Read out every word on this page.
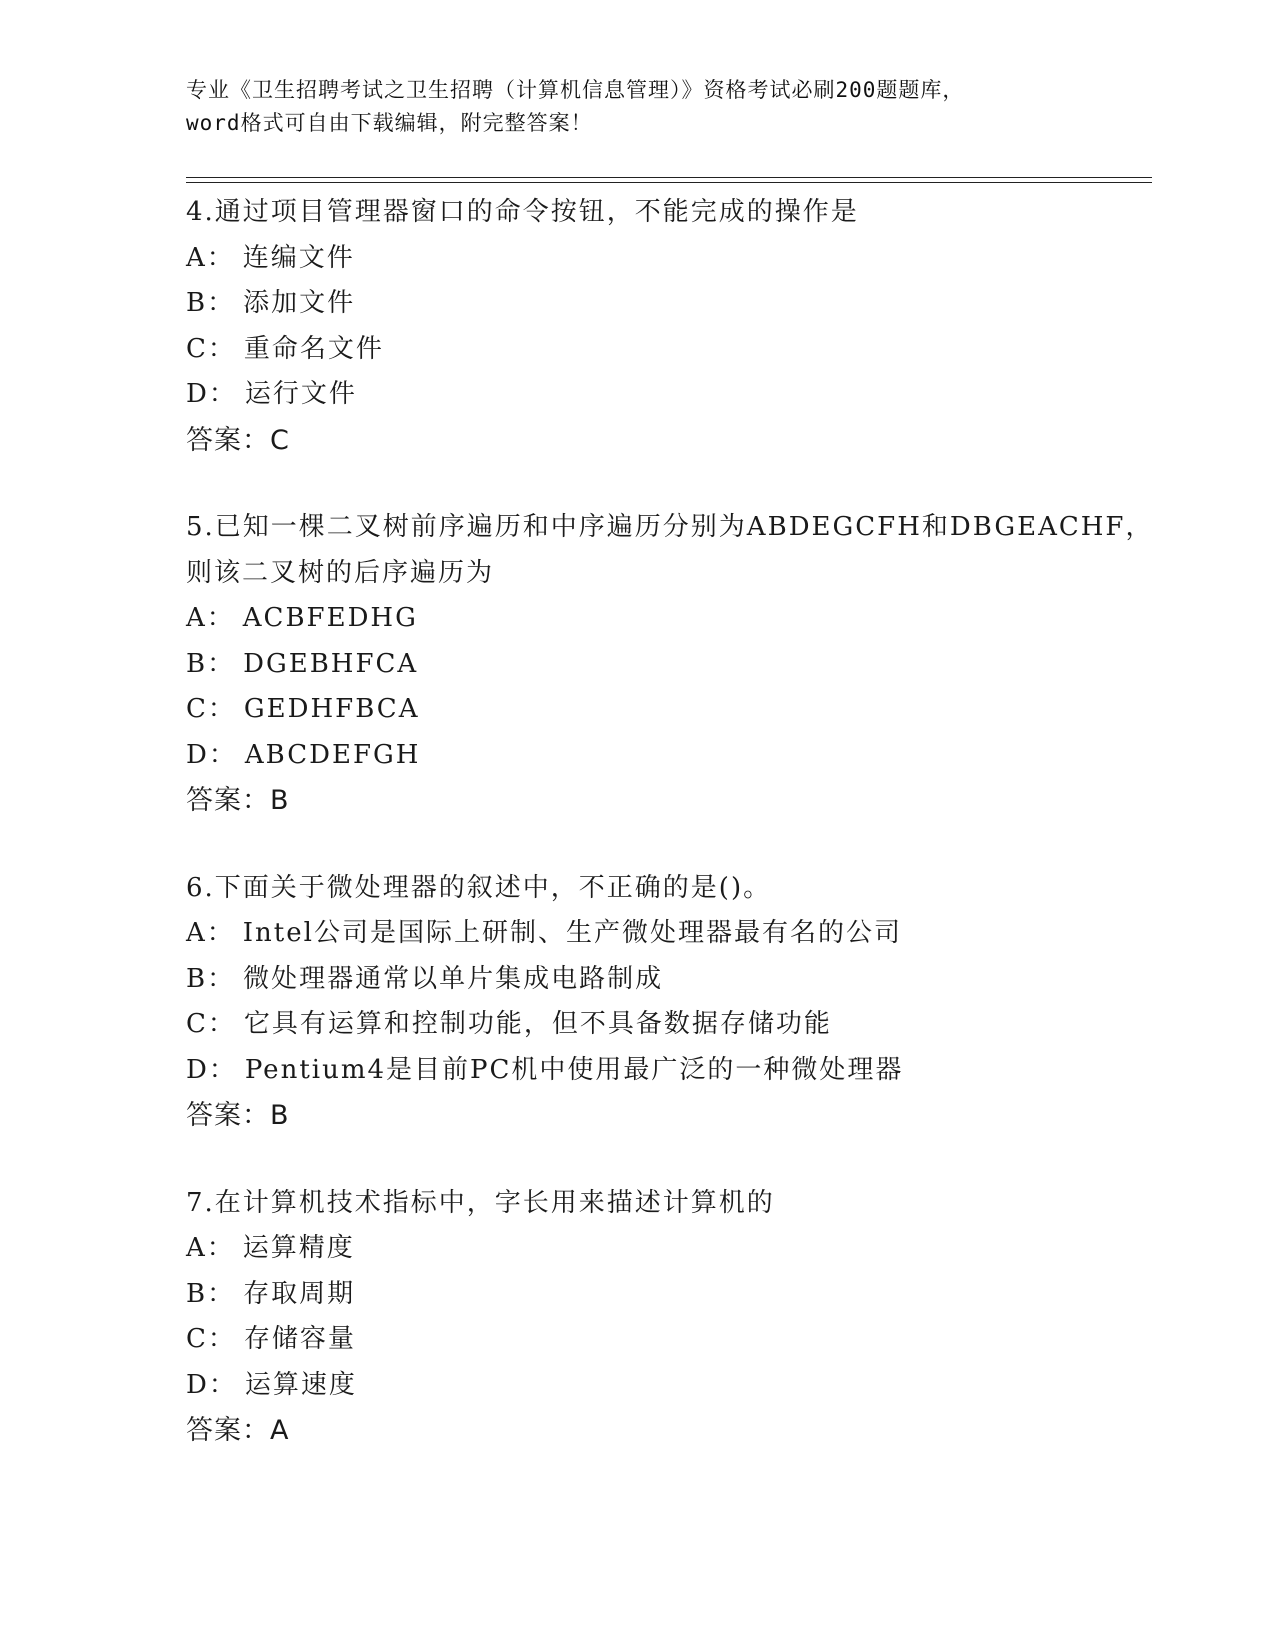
专业《卫生招聘考试之卫生招聘（计算机信息管理）》资格考试必刷200题题库，
word格式可自由下载编辑，附完整答案！
4.通过项目管理器窗口的命令按钮，不能完成的操作是
A： 连编文件
B： 添加文件
C： 重命名文件
D： 运行文件
答案：C
5.已知一棵二叉树前序遍历和中序遍历分别为ABDEGCFH和DBGEACHF，
则该二叉树的后序遍历为
A： ACBFEDHG
B： DGEBHFCA
C： GEDHFBCA
D： ABCDEFGH
答案：B
6.下面关于微处理器的叙述中，不正确的是()。
A： Intel公司是国际上研制、生产微处理器最有名的公司
B： 微处理器通常以单片集成电路制成
C： 它具有运算和控制功能，但不具备数据存储功能
D： Pentium4是目前PC机中使用最广泛的一种微处理器
答案：B
7.在计算机技术指标中，字长用来描述计算机的
A： 运算精度
B： 存取周期
C： 存储容量
D： 运算速度
答案：A
